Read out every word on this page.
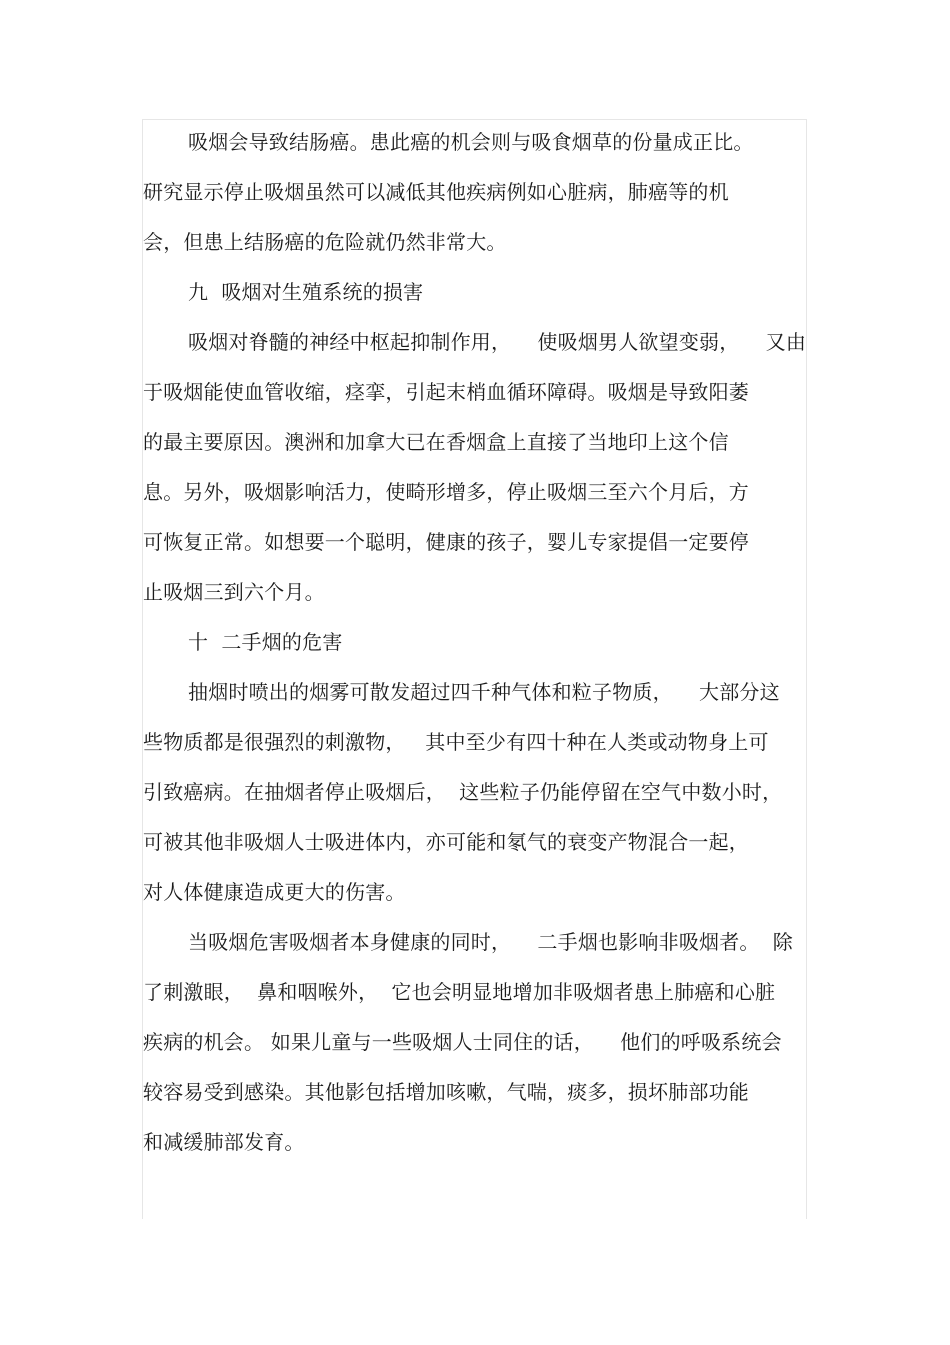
吸烟会导致结肠癌。患此癌的机会则与吸食烟草的份量成正比。
研究显示停止吸烟虽然可以减低其他疾病例如心脏病，肺癌等的机
会，但患上结肠癌的危险就仍然非常大。
九  吸烟对生殖系统的损害
吸烟对脊髓的神经中枢起抑制作用，    使吸烟男人欲望变弱，    又由
于吸烟能使血管收缩，痉挛，引起末梢血循环障碍。吸烟是导致阳萎
的最主要原因。澳洲和加拿大已在香烟盒上直接了当地印上这个信
息。另外，吸烟影响活力，使畸形增多，停止吸烟三至六个月后，方
可恢复正常。如想要一个聪明，健康的孩子，婴儿专家提倡一定要停
止吸烟三到六个月。
十  二手烟的危害
抽烟时喷出的烟雾可散发超过四千种气体和粒子物质，    大部分这
些物质都是很强烈的刺激物，   其中至少有四十种在人类或动物身上可
引致癌病。在抽烟者停止吸烟后，  这些粒子仍能停留在空气中数小时，
可被其他非吸烟人士吸进体内，亦可能和氡气的衰变产物混合一起，
对人体健康造成更大的伤害。
当吸烟危害吸烟者本身健康的同时，    二手烟也影响非吸烟者。  除
了刺激眼，  鼻和咽喉外，  它也会明显地增加非吸烟者患上肺癌和心脏
疾病的机会。 如果儿童与一些吸烟人士同住的话，    他们的呼吸系统会
较容易受到感染。其他影包括增加咳嗽，气喘，痰多，损坏肺部功能
和减缓肺部发育。
